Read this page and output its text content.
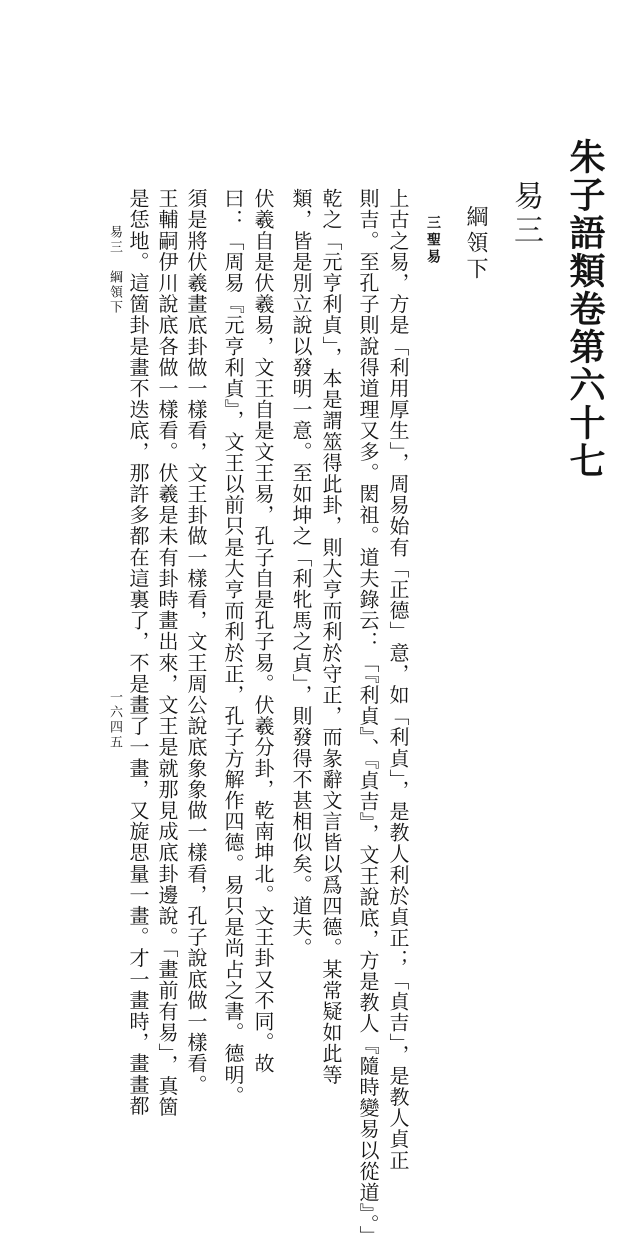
朱子語類卷第六十七
易三
綱領下
三聖易
上古之易，方是「利用厚生」，周易始有「正德」意，如「利貞」，是教人利於貞正；「貞吉」，是教人貞正
則吉。至孔子則說得道理又多。閎祖。道夫錄云：「『利貞』、『貞吉』，文王說底，方是教人『隨時變易以從道』。」
乾之「元亨利貞」，本是謂筮得此卦，則大亨而利於守正，而彖辭文言皆以爲四德。某常疑如此等
類，皆是別立說以發明一意。至如坤之「利牝馬之貞」，則發得不甚相似矣。道夫。
伏羲自是伏羲易，文王自是文王易，孔子自是孔子易。伏羲分卦，乾南坤北。文王卦又不同。故
曰：「周易『元亨利貞』，文王以前只是大亨而利於正，孔子方解作四德。易只是尚占之書。德明。
須是將伏羲畫底卦做一樣看，文王卦做一樣看，文王周公說底象象做一樣看，孔子說底做一樣看。
王輔嗣伊川說底各做一樣看。伏羲是未有卦時畫出來，文王是就那見成底卦邊說。「畫前有易」，真箇
是恁地。這箇卦是畫不迭底，那許多都在這裏了，不是畫了一畫，又旋思量一畫。才一畫時，畫畫都
易三　綱領下
一六四五
